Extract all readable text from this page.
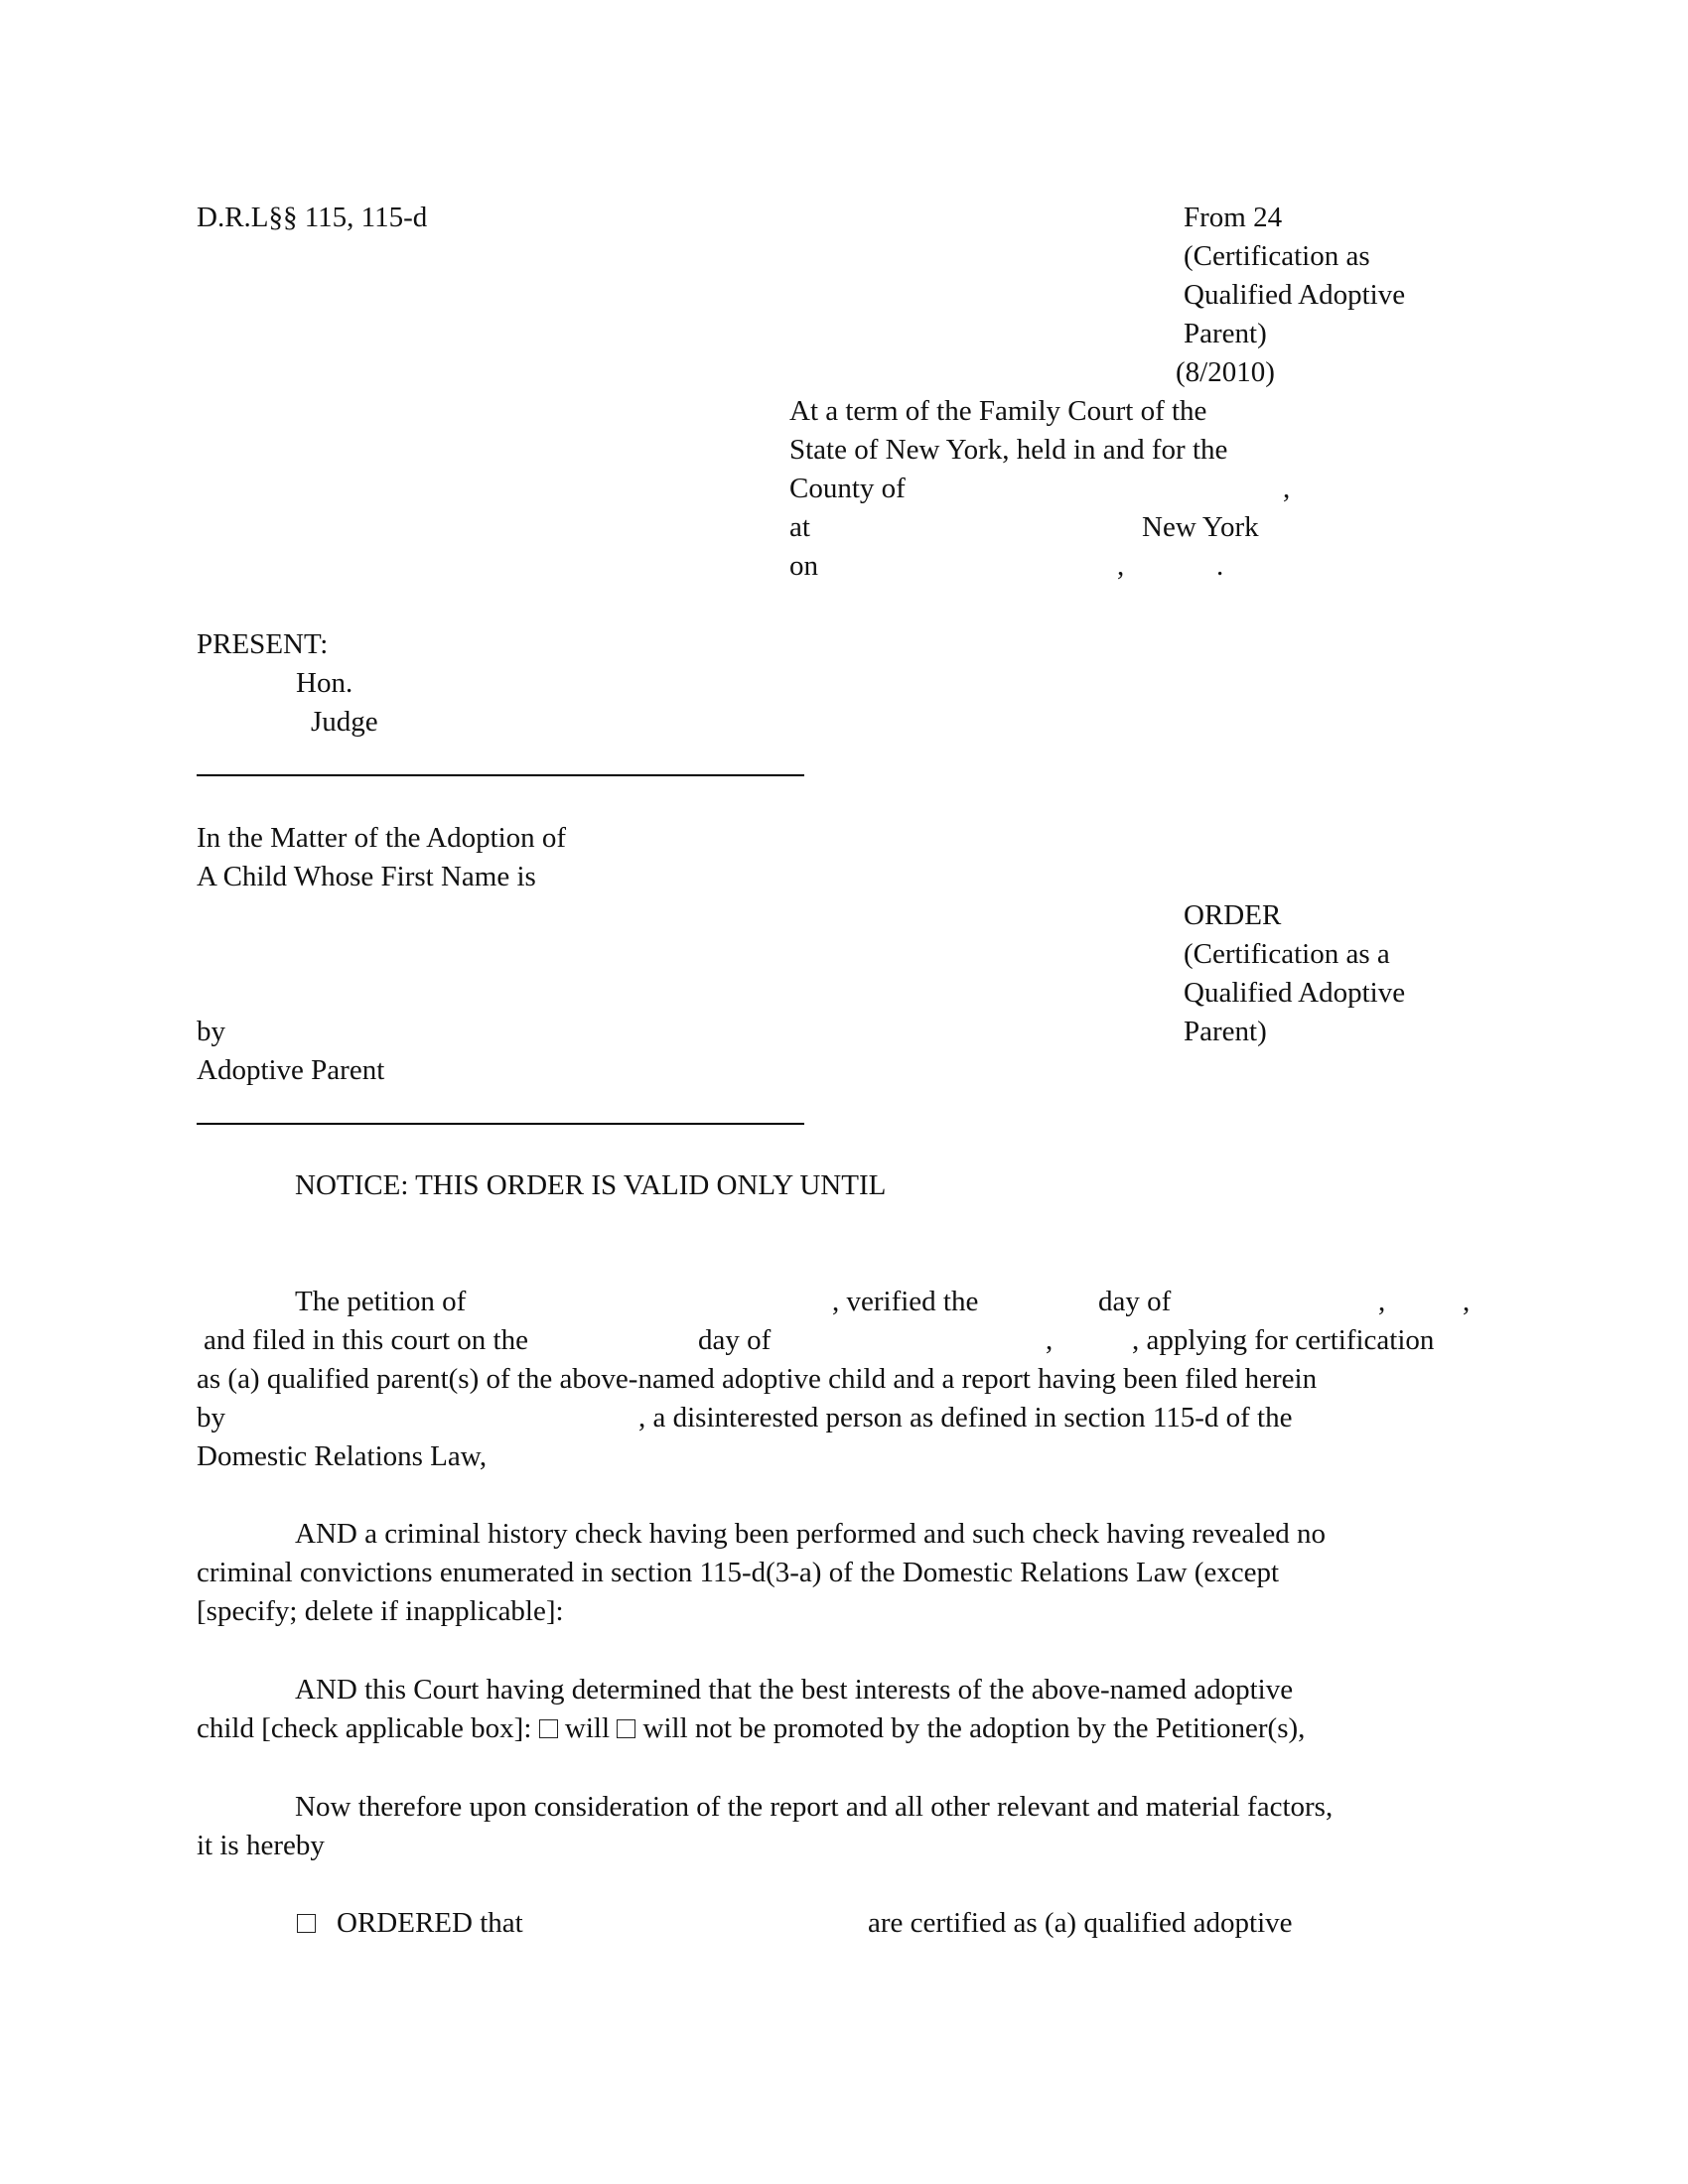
D.R.L§§ 115, 115-d	From 24
(Certification as
Qualified Adoptive
Parent)
(8/2010)
At a term of the Family Court of the
State of New York, held in and for the
County of	,
at	New York
on	,	.
PRESENT:
Hon.
Judge
In the Matter of the Adoption of
A Child Whose First Name is
by
Adoptive Parent
ORDER
(Certification as a
Qualified Adoptive
Parent)
NOTICE: THIS ORDER IS VALID ONLY UNTIL

The petition of	, verified the	day of	,	,

and filed in this court on the	day of	,	, applying for certification

as (a) qualified parent(s) of the above-named adoptive child and a report having been filed herein

by	, a disinterested person as defined in section 115-d of the

Domestic Relations Law,

AND a criminal history check having been performed and such check having revealed no

criminal convictions enumerated in section 115-d(3-a) of the Domestic Relations Law (except

[specify; delete if inapplicable]:

AND this Court having determined that the best interests of the above-named adoptive

child [check applicable box]: will will not be promoted by the adoption by the Petitioner(s),

Now therefore upon consideration of the report and all other relevant and material factors,

it is hereby

ORDERED that	are certified as (a) qualified adoptive
